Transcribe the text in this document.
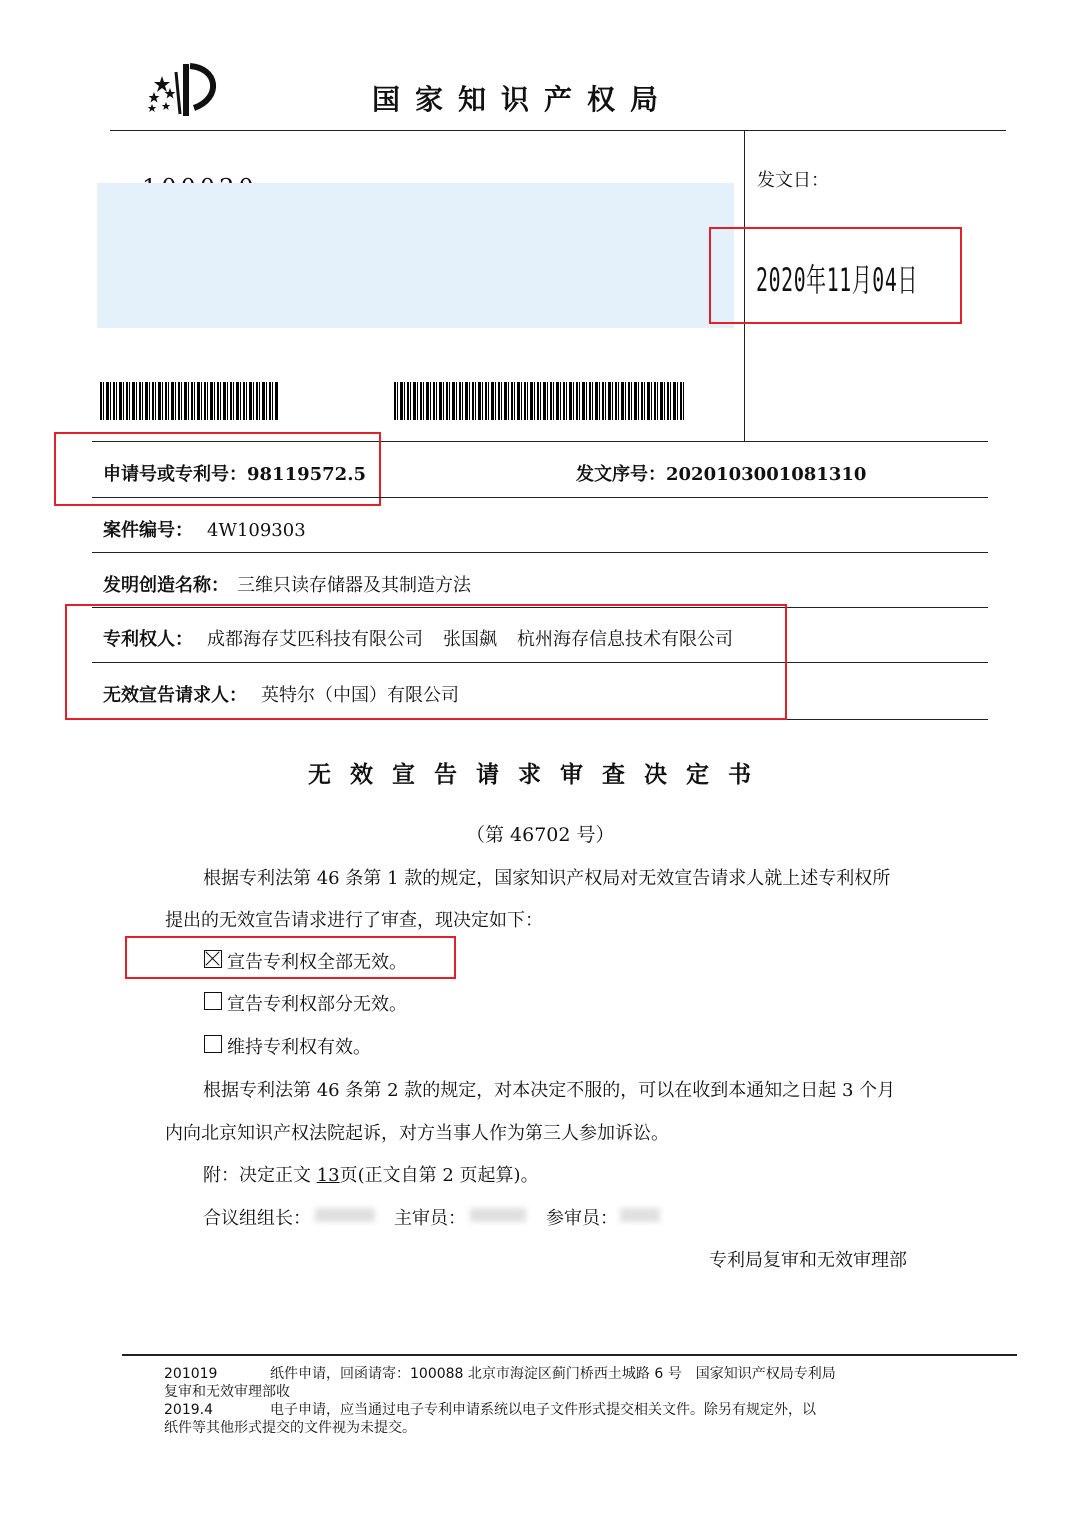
国家知识产权局
发文日：
2020年11月04日
申请号或专利号：98119572.5	发文序号：2020103001081310
案件编号： 4W109303
发明创造名称： 三维只读存储器及其制造方法
专利权人： 成都海存艾匹科技有限公司 张国飙 杭州海存信息技术有限公司
无效宣告请求人： 英特尔（中国）有限公司
无效宣告请求审查决定书
（第 46702 号）
根据专利法第 46 条第 1 款的规定，国家知识产权局对无效宣告请求人就上述专利权所
提出的无效宣告请求进行了审查，现决定如下：
宣告专利权全部无效。
宣告专利权部分无效。
维持专利权有效。
根据专利法第 46 条第 2 款的规定，对本决定不服的，可以在收到本通知之日起 3 个月
内向北京知识产权法院起诉，对方当事人作为第三人参加诉讼。
附：决定正文 13页(正文自第 2 页起算)。
合议组组长：	主审员：	参审员：
专利局复审和无效审理部
201019	纸件申请，回函请寄：100088 北京市海淀区蓟门桥西土城路 6 号　国家知识产权局专利局
复审和无效审理部收
2019.4	电子申请，应当通过电子专利申请系统以电子文件形式提交相关文件。除另有规定外，以
纸件等其他形式提交的文件视为未提交。
